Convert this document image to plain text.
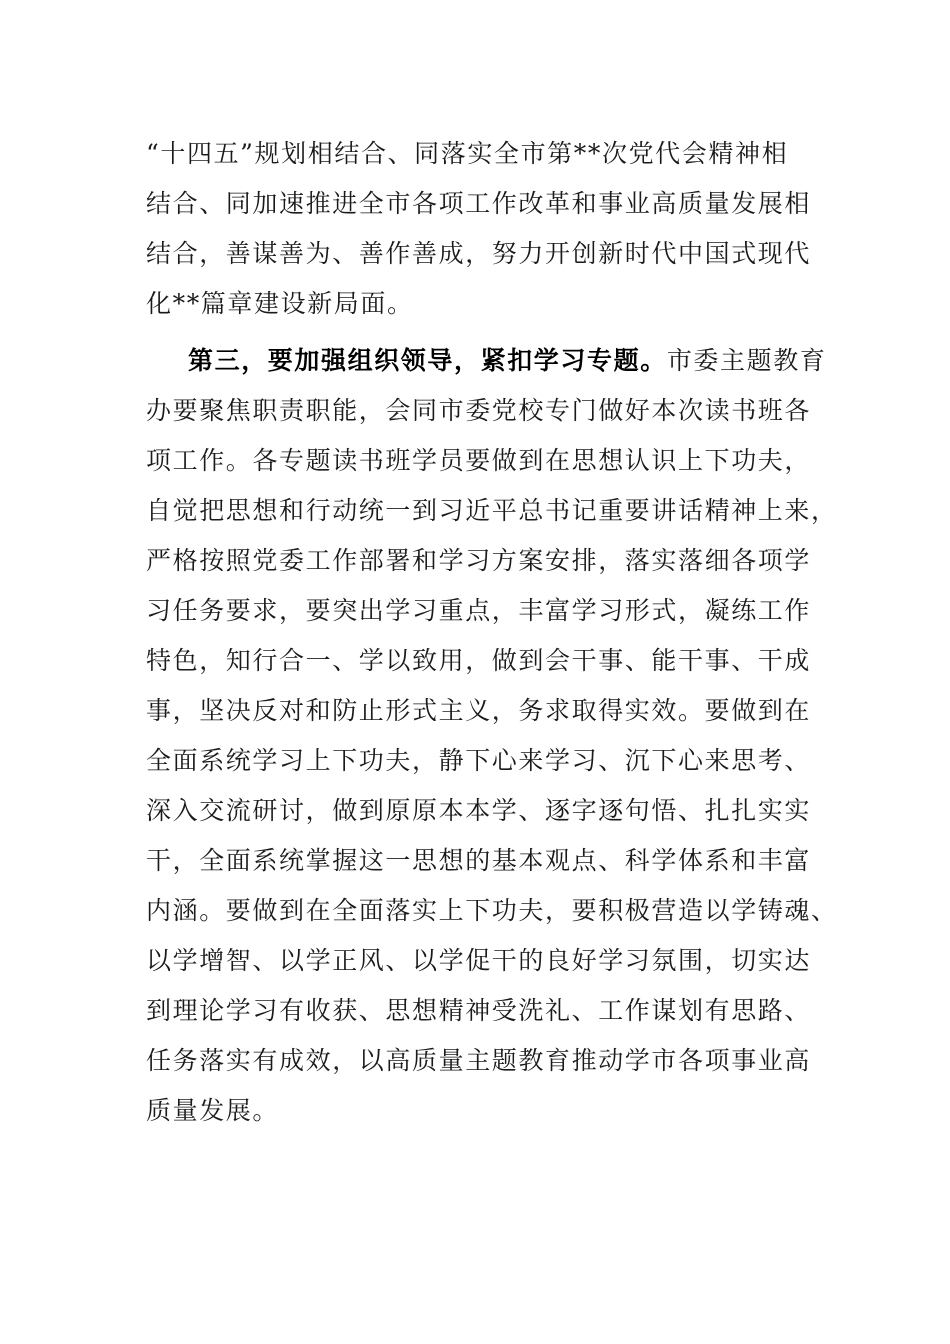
“十四五”规划相结合、同落实全市第**次党代会精神相
结合、同加速推进全市各项工作改革和事业高质量发展相
结合，善谋善为、善作善成，努力开创新时代中国式现代
化**篇章建设新局面。
第三，要加强组织领导，紧扣学习专题。市委主题教育
办要聚焦职责职能，会同市委党校专门做好本次读书班各
项工作。各专题读书班学员要做到在思想认识上下功夫，
自觉把思想和行动统一到习近平总书记重要讲话精神上来，
严格按照党委工作部署和学习方案安排，落实落细各项学
习任务要求，要突出学习重点，丰富学习形式，凝练工作
特色，知行合一、学以致用，做到会干事、能干事、干成
事，坚决反对和防止形式主义，务求取得实效。要做到在
全面系统学习上下功夫，静下心来学习、沉下心来思考、
深入交流研讨，做到原原本本学、逐字逐句悟、扎扎实实
干，全面系统掌握这一思想的基本观点、科学体系和丰富
内涵。要做到在全面落实上下功夫，要积极营造以学铸魂、
以学增智、以学正风、以学促干的良好学习氛围，切实达
到理论学习有收获、思想精神受洗礼、工作谋划有思路、
任务落实有成效，以高质量主题教育推动学市各项事业高
质量发展。
